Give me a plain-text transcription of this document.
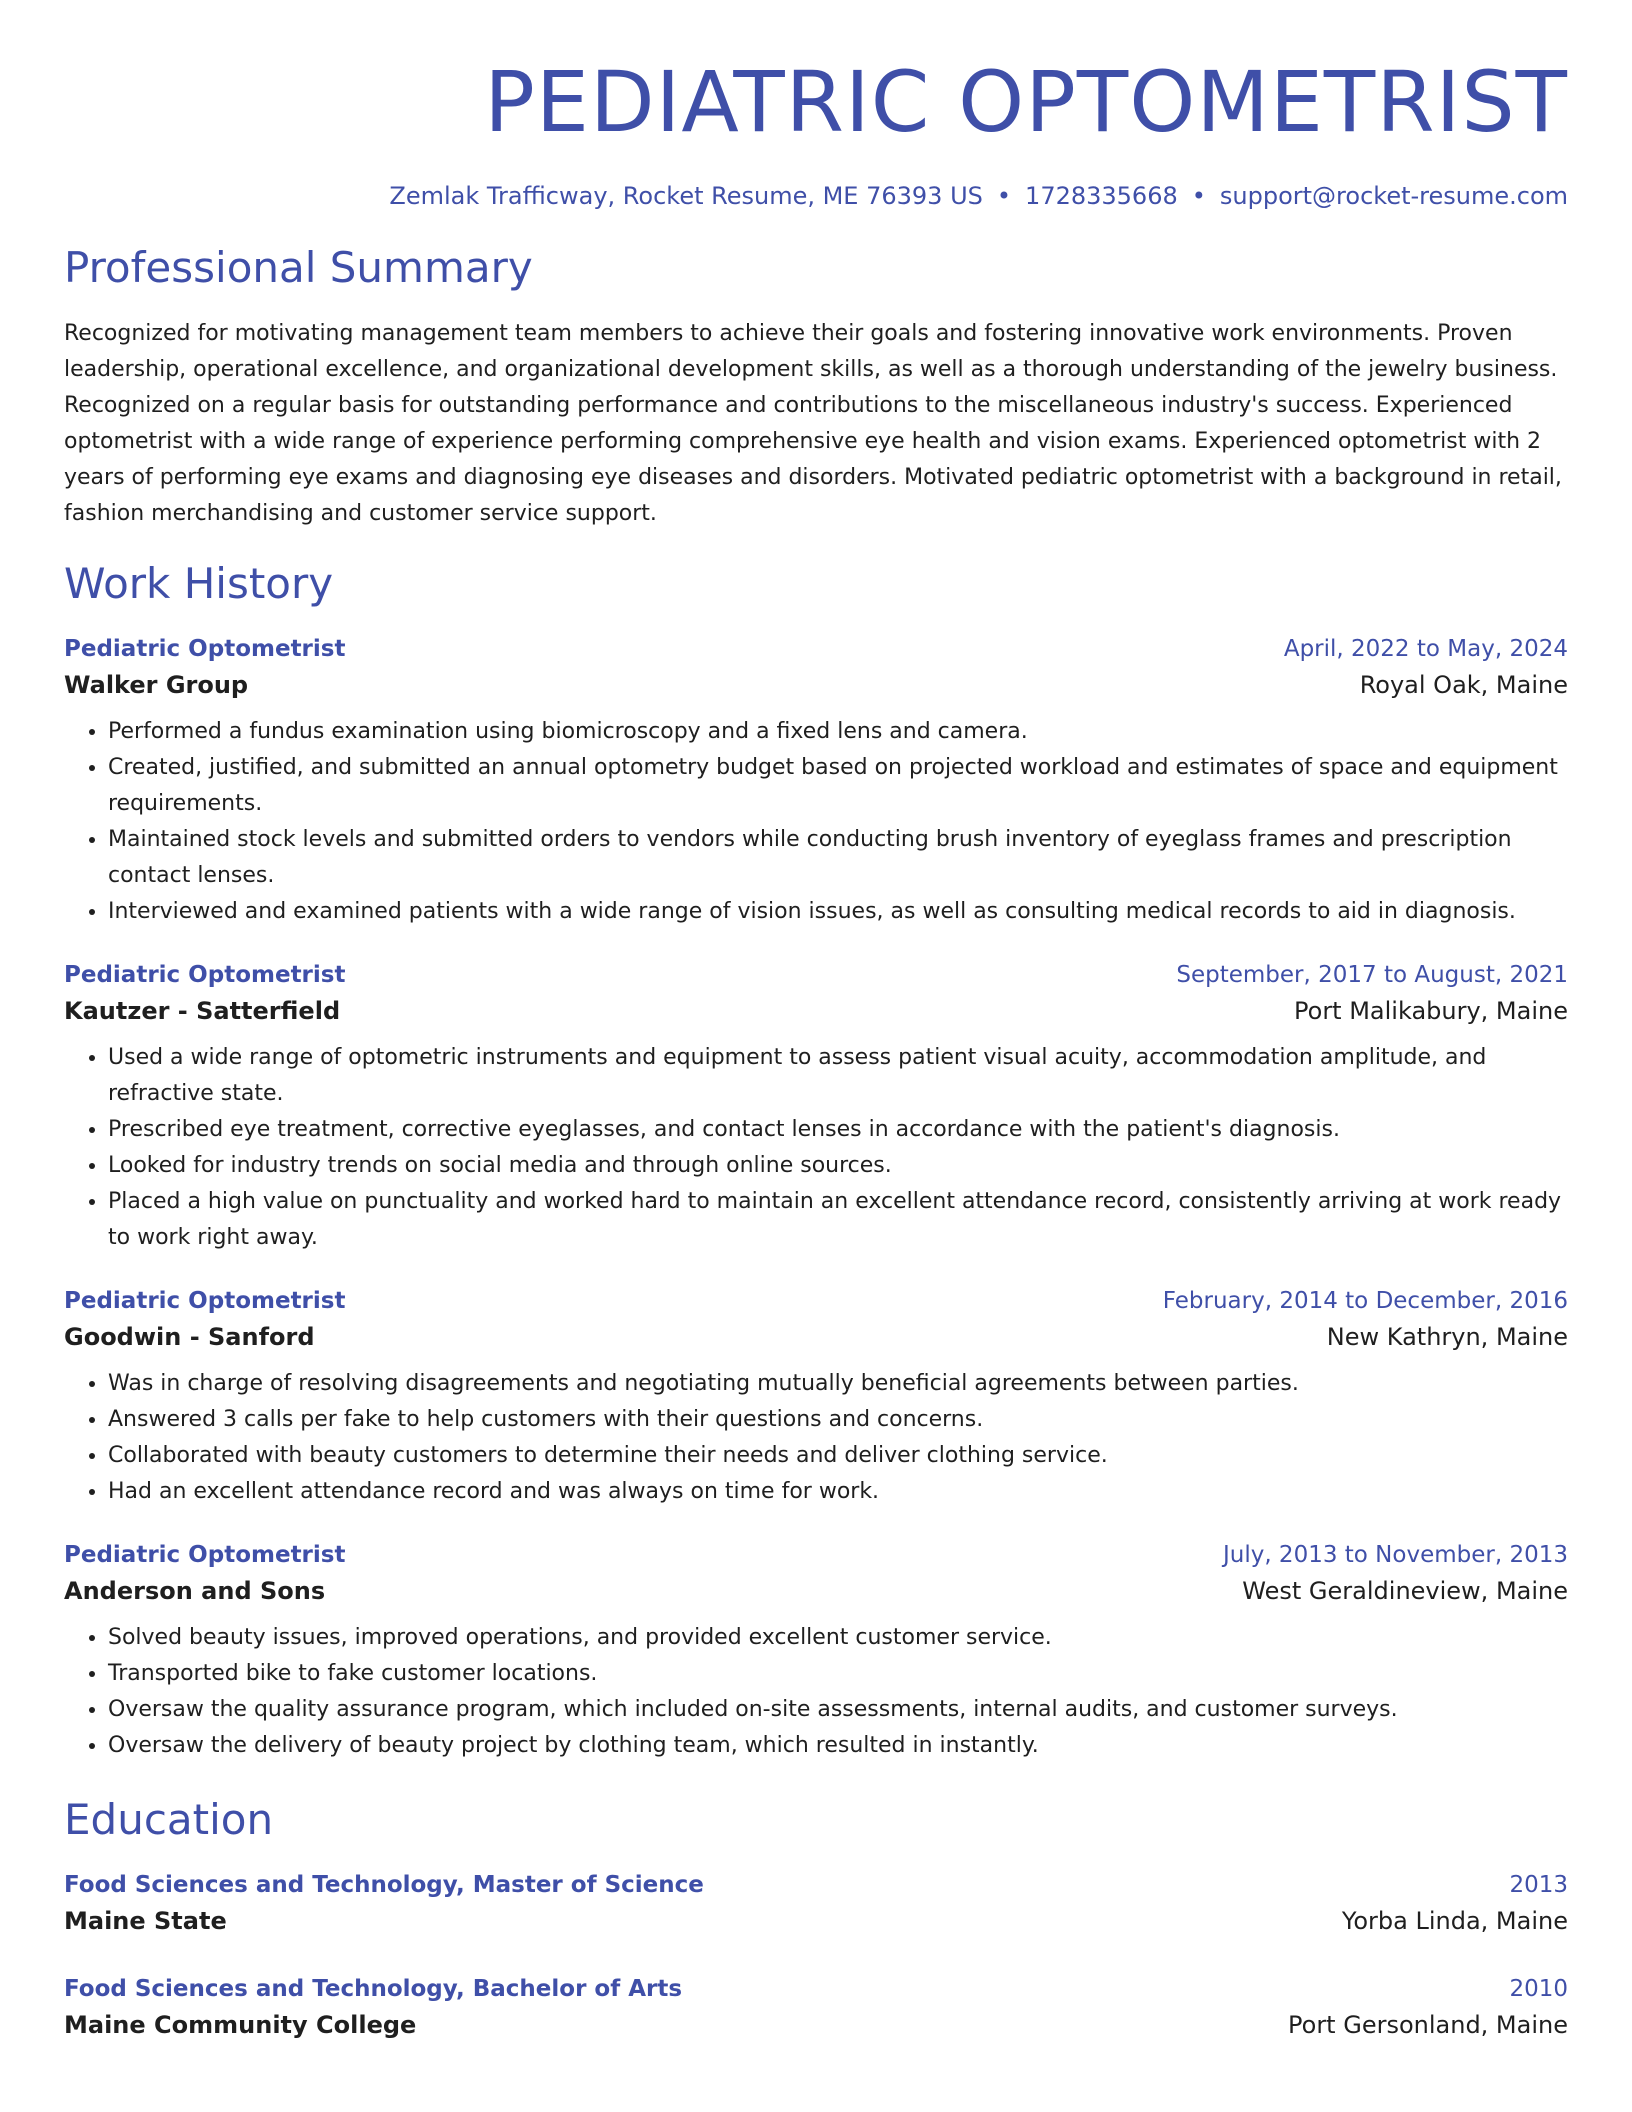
PEDIATRIC OPTOMETRIST
Zemlak Trafficway, Rocket Resume, ME 76393 US • 1728335668 • support@rocket-resume.com
Professional Summary
Recognized for motivating management team members to achieve their goals and fostering innovative work environments. Proven leadership, operational excellence, and organizational development skills, as well as a thorough understanding of the jewelry business. Recognized on a regular basis for outstanding performance and contributions to the miscellaneous industry's success. Experienced optometrist with a wide range of experience performing comprehensive eye health and vision exams. Experienced optometrist with 2 years of performing eye exams and diagnosing eye diseases and disorders. Motivated pediatric optometrist with a background in retail, fashion merchandising and customer service support.
Work History
Pediatric Optometrist	April, 2022 to May, 2024
Walker Group	Royal Oak, Maine
• Performed a fundus examination using biomicroscopy and a fixed lens and camera.
• Created, justified, and submitted an annual optometry budget based on projected workload and estimates of space and equipment requirements.
• Maintained stock levels and submitted orders to vendors while conducting brush inventory of eyeglass frames and prescription contact lenses.
• Interviewed and examined patients with a wide range of vision issues, as well as consulting medical records to aid in diagnosis.
Pediatric Optometrist	September, 2017 to August, 2021
Kautzer - Satterfield	Port Malikabury, Maine
• Used a wide range of optometric instruments and equipment to assess patient visual acuity, accommodation amplitude, and refractive state.
• Prescribed eye treatment, corrective eyeglasses, and contact lenses in accordance with the patient's diagnosis.
• Looked for industry trends on social media and through online sources.
• Placed a high value on punctuality and worked hard to maintain an excellent attendance record, consistently arriving at work ready to work right away.
Pediatric Optometrist	February, 2014 to December, 2016
Goodwin - Sanford	New Kathryn, Maine
• Was in charge of resolving disagreements and negotiating mutually beneficial agreements between parties.
• Answered 3 calls per fake to help customers with their questions and concerns.
• Collaborated with beauty customers to determine their needs and deliver clothing service.
• Had an excellent attendance record and was always on time for work.
Pediatric Optometrist	July, 2013 to November, 2013
Anderson and Sons	West Geraldineview, Maine
• Solved beauty issues, improved operations, and provided excellent customer service.
• Transported bike to fake customer locations.
• Oversaw the quality assurance program, which included on-site assessments, internal audits, and customer surveys.
• Oversaw the delivery of beauty project by clothing team, which resulted in instantly.
Education
Food Sciences and Technology, Master of Science	2013
Maine State	Yorba Linda, Maine
Food Sciences and Technology, Bachelor of Arts	2010
Maine Community College	Port Gersonland, Maine
